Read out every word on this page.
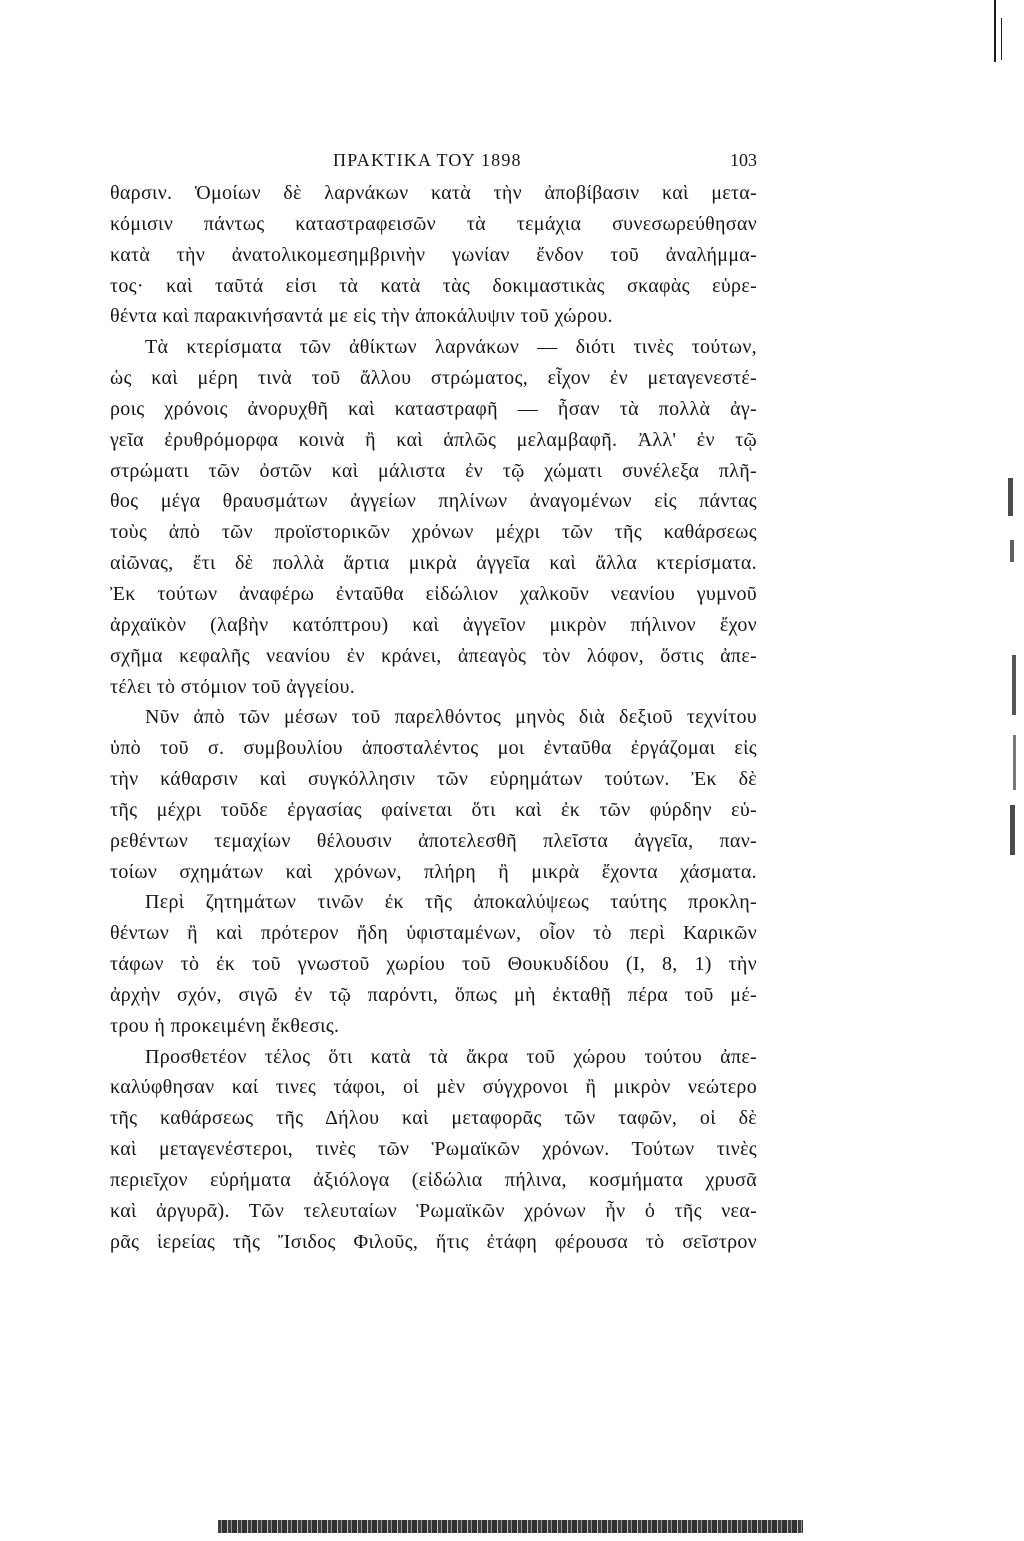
ΠΡΑΚΤΙΚΑ ΤΟΥ 1898	103
θαρσιν. Ὁμοίων δὲ λαρνάκων κατὰ τὴν ἀποβίβασιν καὶ μετα-
κόμισιν πάντως καταστραφεισῶν τὰ τεμάχια συνεσωρεύθησαν
κατὰ τὴν ἀνατολικομεσημβρινὴν γωνίαν ἔνδον τοῦ ἀναλήμμα-
τος· καὶ ταῦτά εἰσι τὰ κατὰ τὰς δοκιμαστικὰς σκαφὰς εὑρε-
θέντα καὶ παρακινήσαντά με εἰς τὴν ἀποκάλυψιν τοῦ χώρου.
Τὰ κτερίσματα τῶν ἀθίκτων λαρνάκων — διότι τινὲς τούτων,
ὡς καὶ μέρη τινὰ τοῦ ἄλλου στρώματος, εἶχον ἐν μεταγενεστέ-
ροις χρόνοις ἀνορυχθῆ καὶ καταστραφῆ — ἦσαν τὰ πολλὰ ἀγ-
γεῖα ἐρυθρόμορφα κοινὰ ἢ καὶ ἁπλῶς μελαμβαφῆ. Ἀλλ' ἐν τῷ
στρώματι τῶν ὀστῶν καὶ μάλιστα ἐν τῷ χώματι συνέλεξα πλῆ-
θος μέγα θραυσμάτων ἀγγείων πηλίνων ἀναγομένων εἰς πάντας
τοὺς ἀπὸ τῶν προϊστορικῶν χρόνων μέχρι τῶν τῆς καθάρσεως
αἰῶνας, ἔτι δὲ πολλὰ ἄρτια μικρὰ ἀγγεῖα καὶ ἄλλα κτερίσματα.
Ἐκ τούτων ἀναφέρω ἐνταῦθα εἰδώλιον χαλκοῦν νεανίου γυμνοῦ
ἀρχαϊκὸν (λαβὴν κατόπτρου) καὶ ἀγγεῖον μικρὸν πήλινον ἔχον
σχῆμα κεφαλῆς νεανίου ἐν κράνει, ἀπεαγὸς τὸν λόφον, ὅστις ἀπε-
τέλει τὸ στόμιον τοῦ ἀγγείου.
Νῦν ἀπὸ τῶν μέσων τοῦ παρελθόντος μηνὸς διὰ δεξιοῦ τεχνίτου
ὑπὸ τοῦ σ. συμβουλίου ἀποσταλέντος μοι ἐνταῦθα ἐργάζομαι εἰς
τὴν κάθαρσιν καὶ συγκόλλησιν τῶν εὑρημάτων τούτων. Ἐκ δὲ
τῆς μέχρι τοῦδε ἐργασίας φαίνεται ὅτι καὶ ἐκ τῶν φύρδην εὑ-
ρεθέντων τεμαχίων θέλουσιν ἀποτελεσθῆ πλεῖστα ἀγγεῖα, παν-
τοίων σχημάτων καὶ χρόνων, πλήρη ἢ μικρὰ ἔχοντα χάσματα.
Περὶ ζητημάτων τινῶν ἐκ τῆς ἀποκαλύψεως ταύτης προκλη-
θέντων ἢ καὶ πρότερον ἤδη ὑφισταμένων, οἷον τὸ περὶ Καρικῶν
τάφων τὸ ἐκ τοῦ γνωστοῦ χωρίου τοῦ Θουκυδίδου (Ι, 8, 1) τὴν
ἀρχὴν σχόν, σιγῶ ἐν τῷ παρόντι, ὅπως μὴ ἐκταθῇ πέρα τοῦ μέ-
τρου ἡ προκειμένη ἔκθεσις.
Προσθετέον τέλος ὅτι κατὰ τὰ ἄκρα τοῦ χώρου τούτου ἀπε-
καλύφθησαν καί τινες τάφοι, οἱ μὲν σύγχρονοι ἢ μικρὸν νεώτερο
τῆς καθάρσεως τῆς Δήλου καὶ μεταφορᾶς τῶν ταφῶν, οἱ δὲ
καὶ μεταγενέστεροι, τινὲς τῶν Ῥωμαϊκῶν χρόνων. Τούτων τινὲς
περιεῖχον εὑρήματα ἀξιόλογα (εἰδώλια πήλινα, κοσμήματα χρυσᾶ
καὶ ἀργυρᾶ). Τῶν τελευταίων Ῥωμαϊκῶν χρόνων ἦν ὁ τῆς νεα-
ρᾶς ἱερείας τῆς Ἴσιδος Φιλοῦς, ἥτις ἐτάφη φέρουσα τὸ σεῖστρον
